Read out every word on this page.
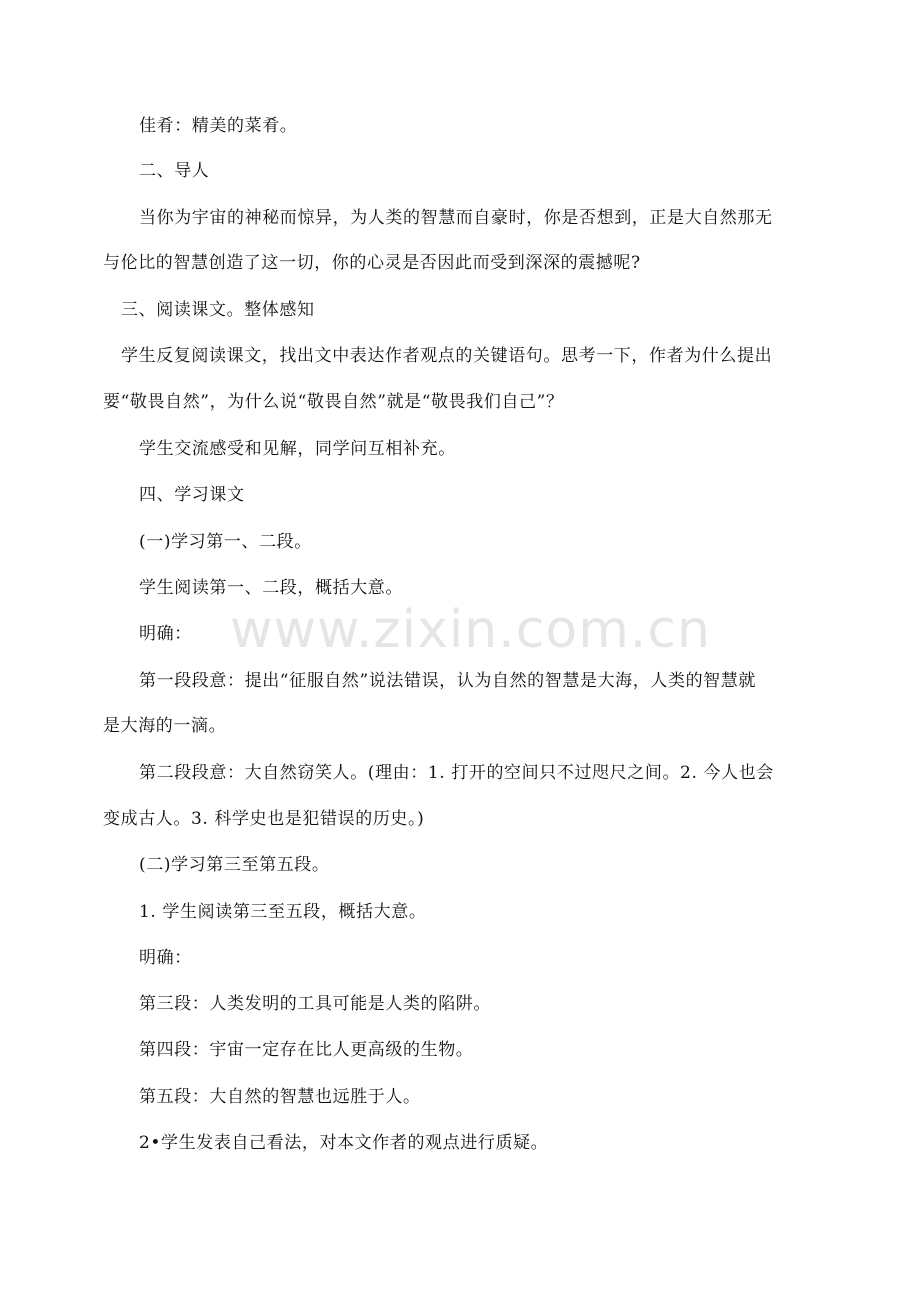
www.zixin.com.cn
佳肴：精美的菜肴。
二、导人
当你为宇宙的神秘而惊异，为人类的智慧而自豪时，你是否想到，正是大自然那无
与伦比的智慧创造了这一切，你的心灵是否因此而受到深深的震撼呢?
三、阅读课文。整体感知
学生反复阅读课文，找出文中表达作者观点的关键语句。思考一下，作者为什么提出
要“敬畏自然”，为什么说“敬畏自然”就是“敬畏我们自己”？
学生交流感受和见解，同学问互相补充。
四、学习课文
(一)学习第一、二段。
学生阅读第一、二段，概括大意。
明确：
第一段段意：提出“征服自然”说法错误，认为自然的智慧是大海，人类的智慧就
是大海的一滴。
第二段段意：大自然窃笑人。(理由：1. 打开的空间只不过咫尺之间。2. 今人也会
变成古人。3. 科学史也是犯错误的历史。)
(二)学习第三至第五段。
1. 学生阅读第三至五段，概括大意。
明确：
第三段：人类发明的工具可能是人类的陷阱。
第四段：宇宙一定存在比人更高级的生物。
第五段：大自然的智慧也远胜于人。
2•学生发表自己看法，对本文作者的观点进行质疑。
